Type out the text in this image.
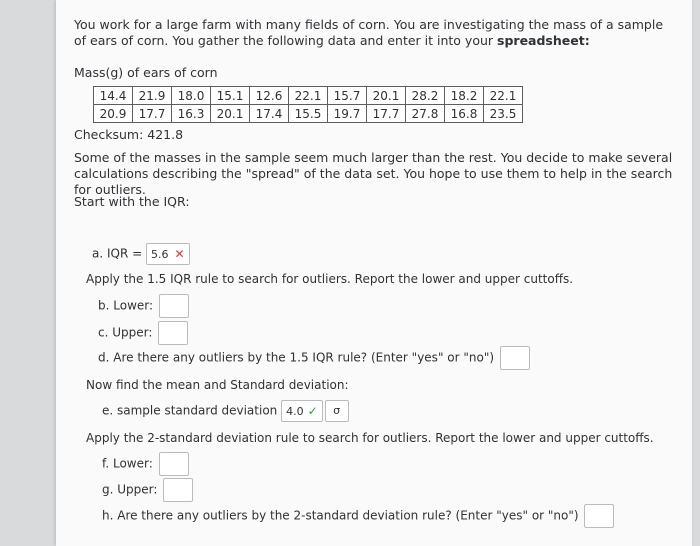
You work for a large farm with many fields of corn. You are investigating the mass of a sample of ears of corn. You gather the following data and enter it into your spreadsheet:
Mass(g) of ears of corn
14.4	21.9	18.0	15.1	12.6	22.1	15.7	20.1	28.2	18.2	22.1
20.9	17.7	16.3	20.1	17.4	15.5	19.7	17.7	27.8	16.8	23.5
Checksum: 421.8
Some of the masses in the sample seem much larger than the rest. You decide to make several calculations describing the "spread" of the data set. You hope to use them to help in the search for outliers.
Start with the IQR:
a. IQR = 5.6 ✕
Apply the 1.5 IQR rule to search for outliers. Report the lower and upper cuttoffs.
b. Lower:
c. Upper:
d. Are there any outliers by the 1.5 IQR rule? (Enter "yes" or "no")
Now find the mean and Standard deviation:
e. sample standard deviation 4.0 ✓ σ
Apply the 2-standard deviation rule to search for outliers. Report the lower and upper cuttoffs.
f. Lower:
g. Upper:
h. Are there any outliers by the 2-standard deviation rule? (Enter "yes" or "no")
